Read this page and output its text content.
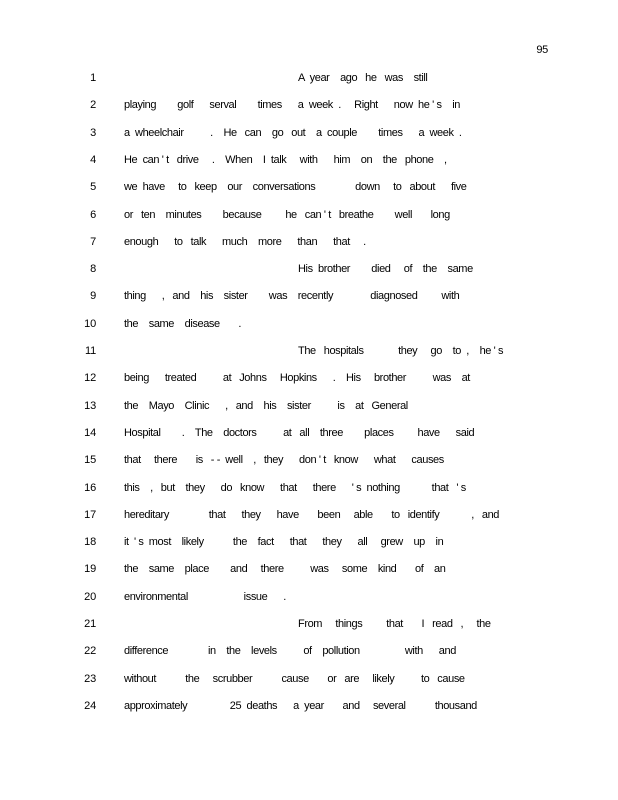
95
1	A  year    ago   he   was    still
2	playing        golf      serval        times      a  week  .     Right      now  he ' s    in
3	a  wheelchair          .    He   can    go   out    a  couple        times      a  week  .
4	He  can ' t   drive     .    When    I  talk     with      him    on    the   phone    ,
5	we  have     to   keep    our    conversations               down     to   about      five
6	or   ten    minutes        because         he   can ' t   breathe        well       long
7	enough      to   talk      much    more      than      that     .
8	His  brother        died     of    the    same
9	thing      ,   and    his    sister        was    recently              diagnosed         with
10	the    same    disease       .
11	The   hospitals             they     go    to  ,    he ' s
12	being      treated          at   Johns     Hopkins      .    His     brother          was    at
13	the    Mayo    Clinic      ,   and    his    sister          is    at   General
14	Hospital        .    The    doctors          at   all    three        places         have      said
15	that     there       is   - -  well    ,   they      don ' t   know      what      causes
16	this    ,   but    they      do   know      that      there      ' s  nothing            that   ' s
17	hereditary               that      they      have       been     able       to   identify            ,   and
18	it  ' s  most    likely           the    fact      that      they      all     grew    up    in
19	the    same    place        and     there          was     some    kind       of    an
20	environmental                     issue      .
21	From     things         that       I   read   ,     the
22	difference               in    the    levels          of    pollution                 with      and
23	without           the     scrubber           cause       or   are     likely          to   cause
24	approximately                25  deaths      a  year       and     several           thousand
